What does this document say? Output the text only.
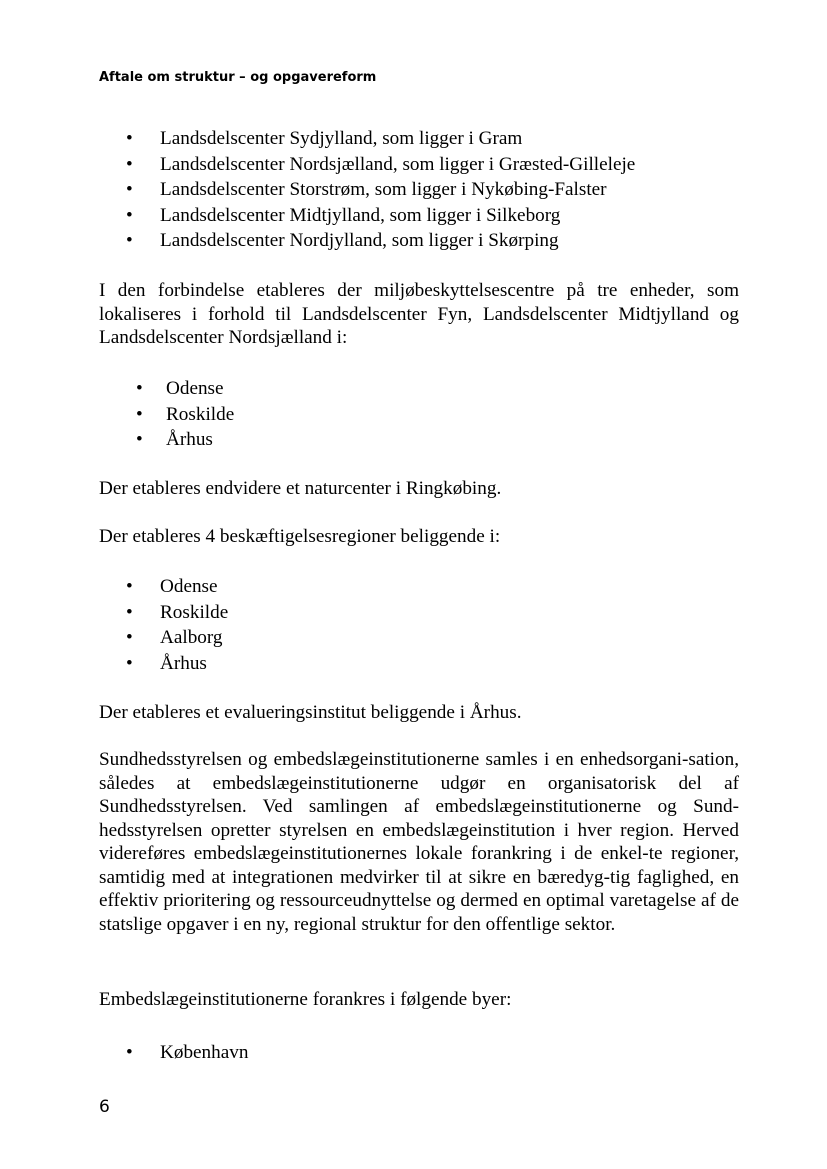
Aftale om struktur – og opgavereform
• Landsdelscenter Sydjylland, som ligger i Gram
• Landsdelscenter Nordsjælland, som ligger i Græsted-Gilleleje
• Landsdelscenter Storstrøm, som ligger i Nykøbing-Falster
• Landsdelscenter Midtjylland, som ligger i Silkeborg
• Landsdelscenter Nordjylland, som ligger i Skørping

I den forbindelse etableres der miljøbeskyttelsescentre på tre enheder, som lokaliseres i forhold til Landsdelscenter Fyn, Landsdelscenter Midtjylland og Landsdelscenter Nordsjælland i:

• Odense
• Roskilde
• Århus

Der etableres endvidere et naturcenter i Ringkøbing.

Der etableres 4 beskæftigelsesregioner beliggende i:

• Odense
• Roskilde
• Aalborg
• Århus

Der etableres et evalueringsinstitut beliggende i Århus.

Sundhedsstyrelsen og embedslægeinstitutionerne samles i en enhedsorgani-sation, således at embedslægeinstitutionerne udgør en organisatorisk del af Sundhedsstyrelsen. Ved samlingen af embedslægeinstitutionerne og Sund-hedsstyrelsen opretter styrelsen en embedslægeinstitution i hver region. Herved videreføres embedslægeinstitutionernes lokale forankring i de enkel-te regioner, samtidig med at integrationen medvirker til at sikre en bæredyg-tig faglighed, en effektiv prioritering og ressourceudnyttelse og dermed en optimal varetagelse af de statslige opgaver i en ny, regional struktur for den offentlige sektor.

Embedslægeinstitutionerne forankres i følgende byer:

• København
6
